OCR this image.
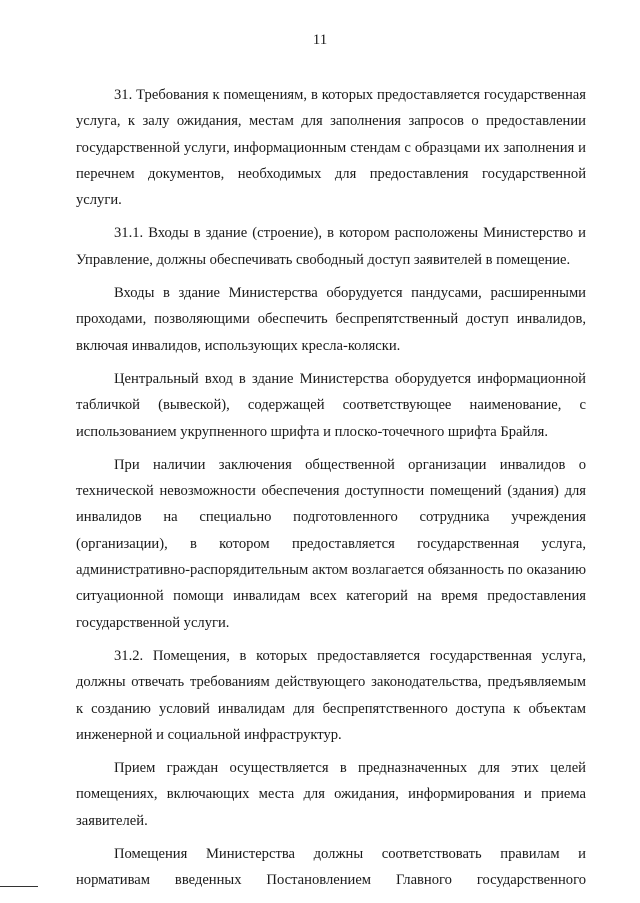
11

31. Требования к помещениям, в которых предоставляется государственная услуга, к залу ожидания, местам для заполнения запросов о предоставлении государственной услуги, информационным стендам с образцами их заполнения и перечнем документов, необходимых для предоставления государственной услуги.

31.1. Входы в здание (строение), в котором расположены Министерство и Управление, должны обеспечивать свободный доступ заявителей в помещение.

Входы в здание Министерства оборудуется пандусами, расширенными проходами, позволяющими обеспечить беспрепятственный доступ инвалидов, включая инвалидов, использующих кресла-коляски.

Центральный вход в здание Министерства оборудуется информационной табличкой (вывеской), содержащей соответствующее наименование, с использованием укрупненного шрифта и плоско-точечного шрифта Брайля.

При наличии заключения общественной организации инвалидов о технической невозможности обеспечения доступности помещений (здания) для инвалидов на специально подготовленного сотрудника учреждения (организации), в котором предоставляется государственная услуга, административно-распорядительным актом возлагается обязанность по оказанию ситуационной помощи инвалидам всех категорий на время предоставления государственной услуги.

31.2. Помещения, в которых предоставляется государственная услуга, должны отвечать требованиям действующего законодательства, предъявляемым к созданию условий инвалидам для беспрепятственного доступа к объектам инженерной и социальной инфраструктур.

Прием граждан осуществляется в предназначенных для этих целей помещениях, включающих места для ожидания, информирования и приема заявителей.

Помещения Министерства должны соответствовать правилам и нормативам введенных Постановлением Главного государственного
